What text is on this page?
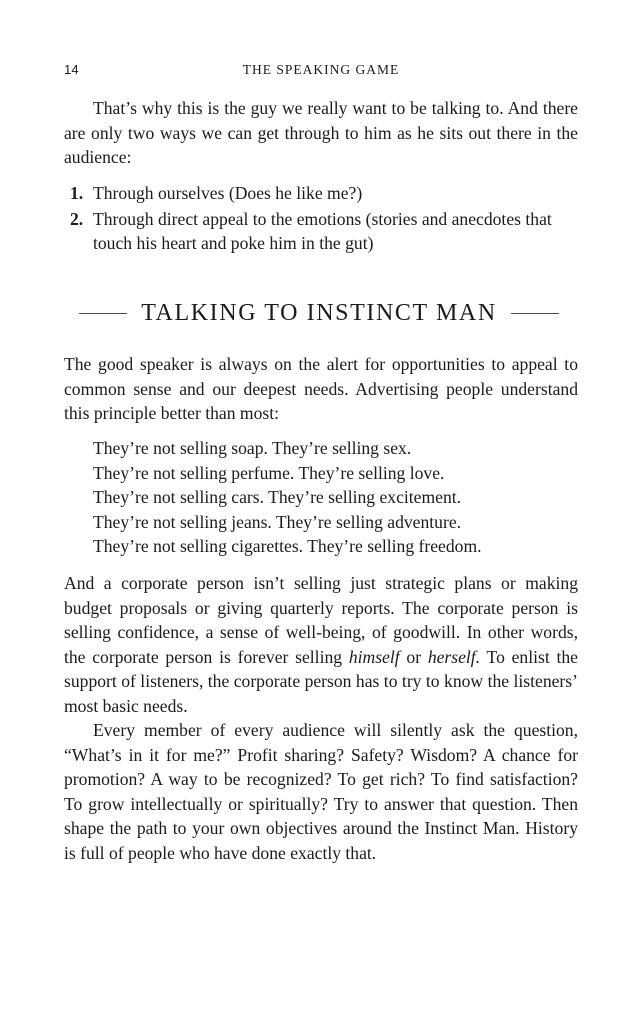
14	THE SPEAKING GAME

That’s why this is the guy we really want to be talking to. And there are only two ways we can get through to him as he sits out there in the audience:

1. Through ourselves (Does he like me?)
2. Through direct appeal to the emotions (stories and anecdotes that touch his heart and poke him in the gut)
TALKING TO INSTINCT MAN

The good speaker is always on the alert for opportunities to appeal to common sense and our deepest needs. Advertising people understand this principle better than most:

They’re not selling soap. They’re selling sex.
They’re not selling perfume. They’re selling love.
They’re not selling cars. They’re selling excitement.
They’re not selling jeans. They’re selling adventure.
They’re not selling cigarettes. They’re selling freedom.

And a corporate person isn’t selling just strategic plans or making budget proposals or giving quarterly reports. The corporate person is selling confidence, a sense of well-being, of goodwill. In other words, the corporate person is forever selling himself or herself. To enlist the support of listeners, the corporate person has to try to know the listeners’ most basic needs.

Every member of every audience will silently ask the question, “What’s in it for me?” Profit sharing? Safety? Wisdom? A chance for promotion? A way to be recognized? To get rich? To find satisfaction? To grow intellectually or spiritually? Try to answer that question. Then shape the path to your own objectives around the Instinct Man. History is full of people who have done exactly that.
